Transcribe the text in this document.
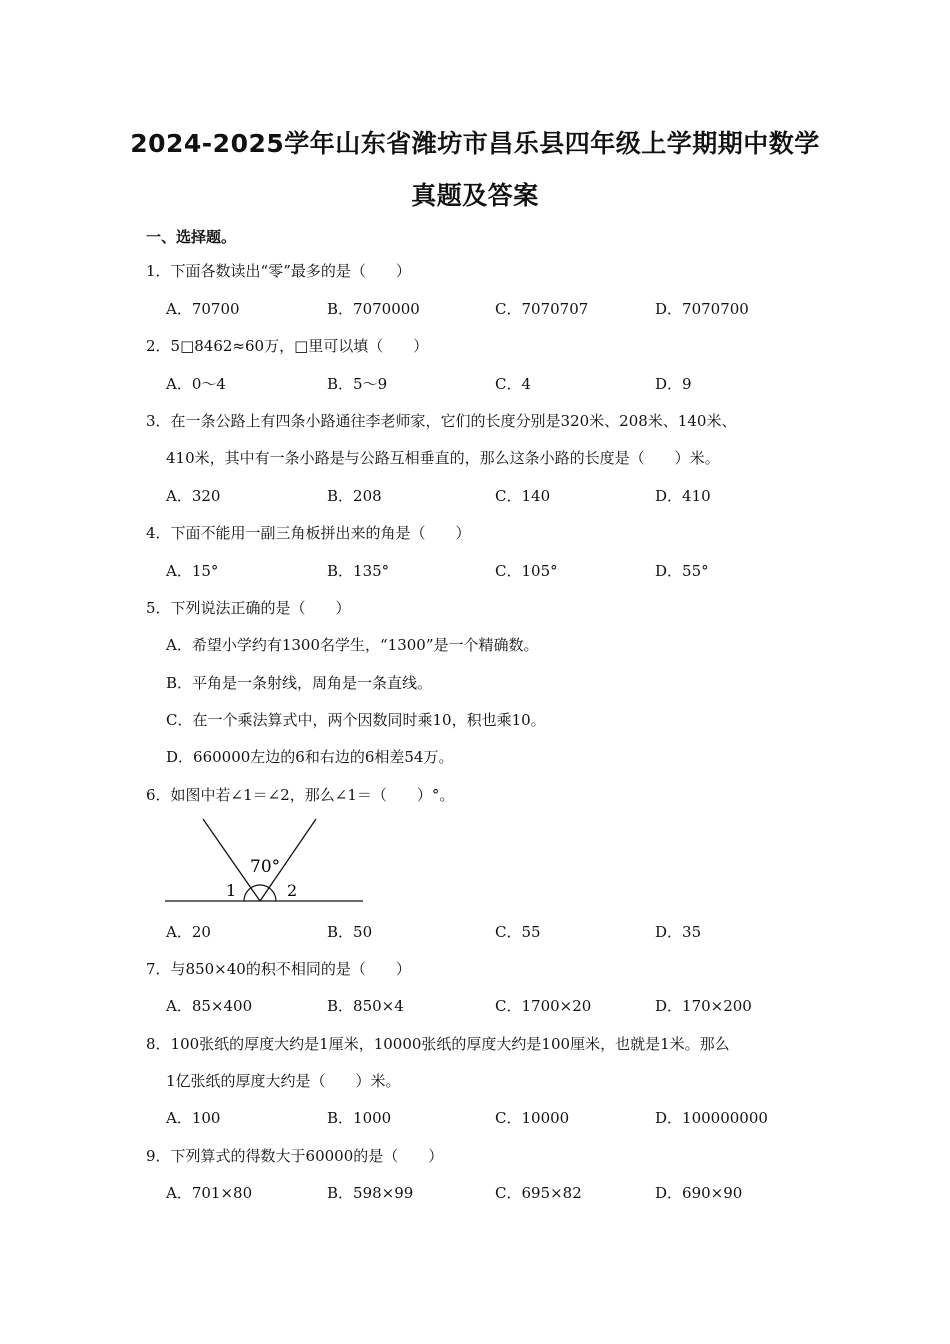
2024-2025学年山东省潍坊市昌乐县四年级上学期期中数学
真题及答案
一、选择题。
1．下面各数读出“零”最多的是（　　）
A．70700	B．7070000	C．7070707	D．7070700
2．5□8462≈60万，□里可以填（　　）
A．0～4	B．5～9	C．4	D．9
3．在一条公路上有四条小路通往李老师家，它们的长度分别是320米、208米、140米、
410米，其中有一条小路是与公路互相垂直的，那么这条小路的长度是（　　）米。
A．320	B．208	C．140	D．410
4．下面不能用一副三角板拼出来的角是（　　）
A．15°	B．135°	C．105°	D．55°
5．下列说法正确的是（　　）
A．希望小学约有1300名学生，“1300”是一个精确数。
B．平角是一条射线，周角是一条直线。
C．在一个乘法算式中，两个因数同时乘10，积也乘10。
D．660000左边的6和右边的6相差54万。
6．如图中若∠1＝∠2，那么∠1＝（　　）°。
70°
1	2
A．20	B．50	C．55	D．35
7．与850×40的积不相同的是（　　）
A．85×400	B．850×4	C．1700×20	D．170×200
8．100张纸的厚度大约是1厘米，10000张纸的厚度大约是100厘米，也就是1米。那么
1亿张纸的厚度大约是（　　）米。
A．100	B．1000	C．10000	D．100000000
9．下列算式的得数大于60000的是（　　）
A．701×80	B．598×99	C．695×82	D．690×90
